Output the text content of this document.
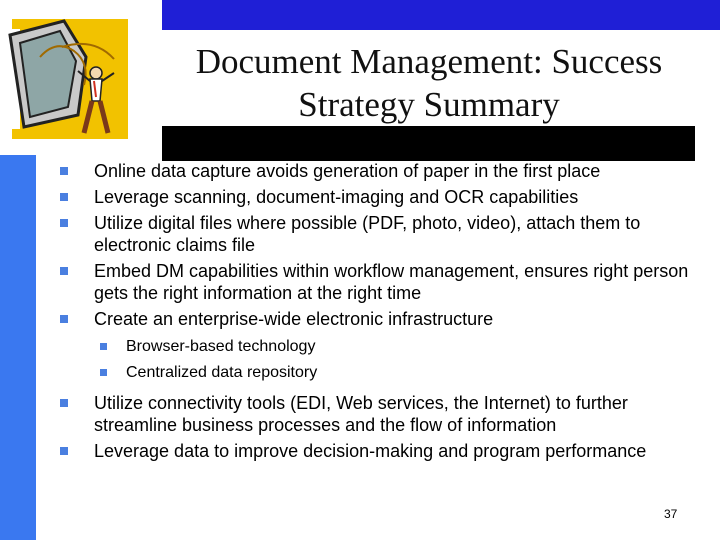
Document Management: Success
Strategy Summary
Online data capture avoids generation of paper in the first place
Leverage scanning, document-imaging and OCR capabilities
Utilize digital files where possible (PDF, photo, video), attach them to electronic claims file
Embed DM capabilities within workflow management, ensures right person gets the right information at the right time
Create an enterprise-wide electronic infrastructure
Browser-based technology
Centralized data repository
Utilize connectivity tools (EDI, Web services, the Internet) to further streamline business processes and the flow of information
Leverage data to improve decision-making and program performance
37
